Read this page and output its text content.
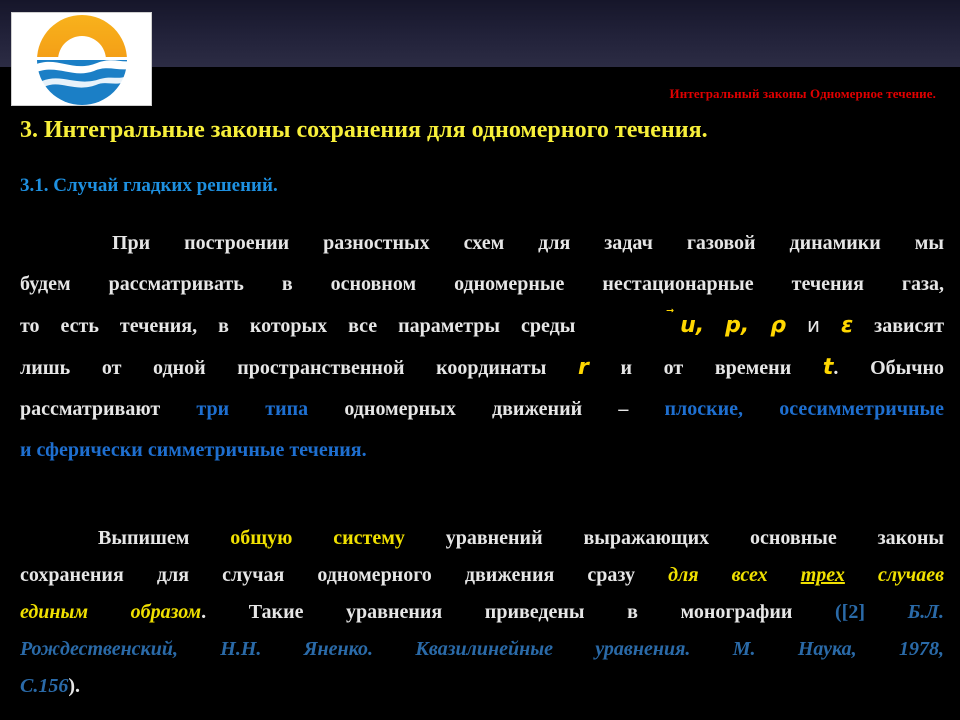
Интегральный законы Одномерное течение.
3. Интегральные законы сохранения для одномерного течения.
3.1. Случай гладких решений.
При построении разностных схем для задач газовой динамики мы
будем рассматривать в основном одномерные нестационарные течения газа,
то есть течения, в которых все параметры среды	u, p, ρ и ε зависят
лишь от одной пространственной координаты r и от времени t. Обычно
рассматривают три типа одномерных движений – плоские, осесимметричные
и сферически симметричные течения.
Выпишем общую систему уравнений выражающих основные законы
сохранения для случая одномерного движения сразу для всех трех случаев
единым образом. Такие уравнения приведены в монографии ([2] Б.Л.
Рождественский, Н.Н. Яненко. Квазилинейные уравнения. М. Наука, 1978,
С.156).
